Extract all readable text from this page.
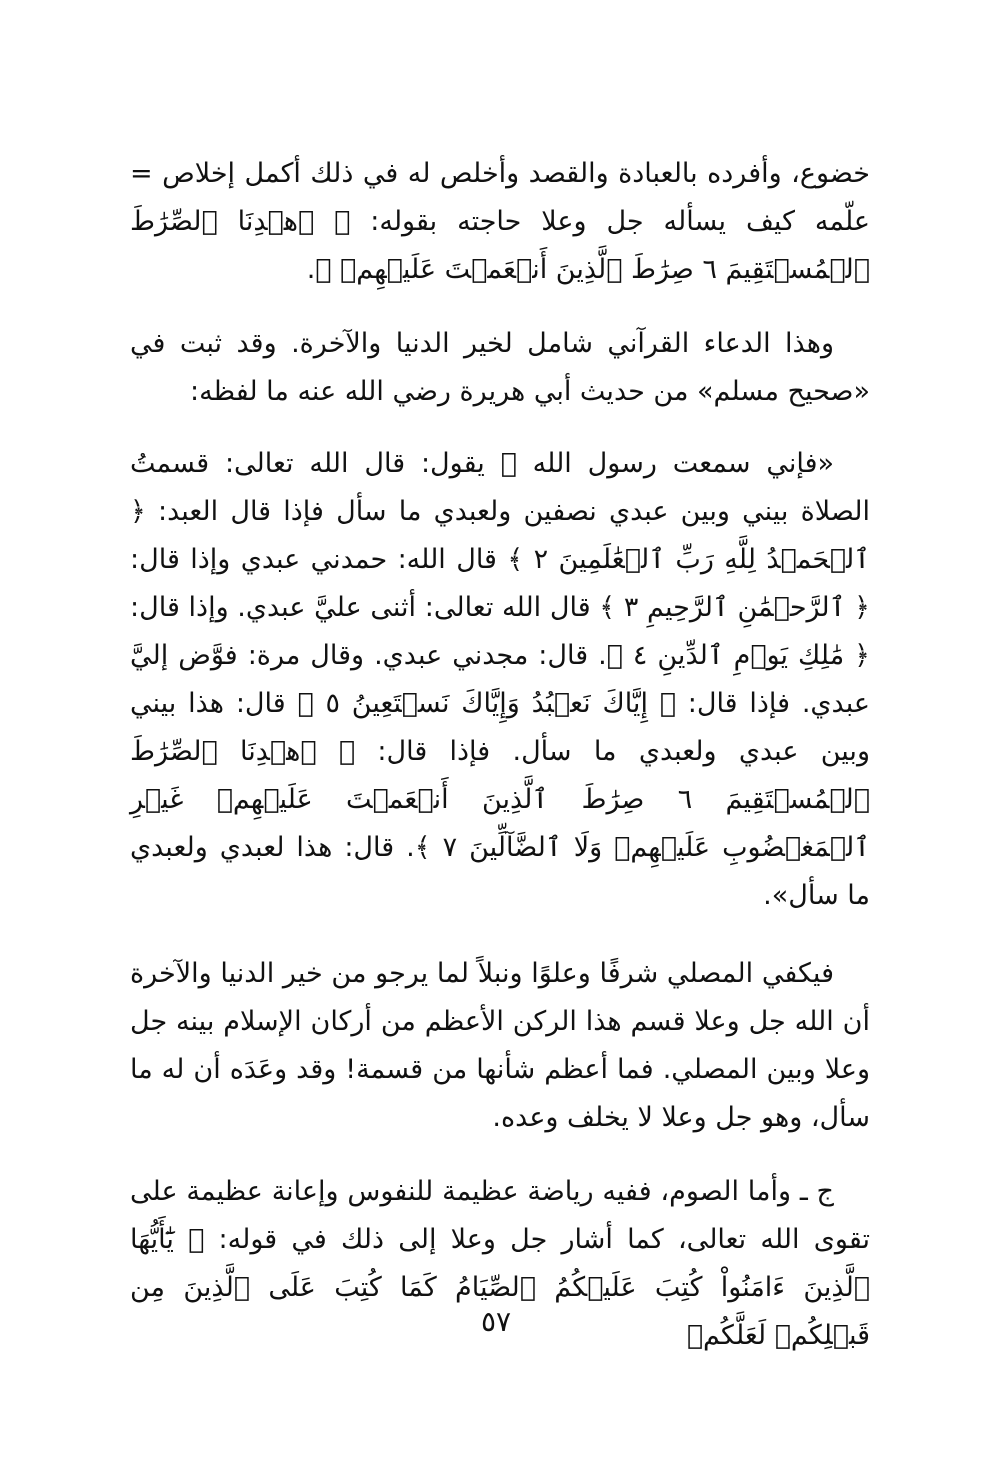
خضوع، وأفرده بالعبادة والقصد وأخلص له في ذلك أكمل إخلاص = علّمه كيف يسأله جل وعلا حاجته بقوله: ﴿ ٱهۡدِنَا ٱلصِّرَٰطَ ٱلۡمُسۡتَقِيمَ ٦ صِرَٰطَ ٱلَّذِينَ أَنۡعَمۡتَ عَلَيۡهِمۡ ﴾.

وهذا الدعاء القرآني شامل لخير الدنيا والآخرة. وقد ثبت في «صحيح مسلم» من حديث أبي هريرة رضي الله عنه ما لفظه:

«فإني سمعت رسول الله ﷺ يقول: قال الله تعالى: قسمتُ الصلاة بيني وبين عبدي نصفين ولعبدي ما سأل فإذا قال العبد: ﴿ ٱلۡحَمۡدُ لِلَّهِ رَبِّ ٱلۡعَٰلَمِينَ ٢ ﴾ قال الله: حمدني عبدي وإذا قال: ﴿ ٱلرَّحۡمَٰنِ ٱلرَّحِيمِ ٣ ﴾ قال الله تعالى: أثنى عليَّ عبدي. وإذا قال: ﴿ مَٰلِكِ يَوۡمِ ٱلدِّينِ ٤ ﴾. قال: مجدني عبدي. وقال مرة: فوَّض إليَّ عبدي. فإذا قال: ﴿ إِيَّاكَ نَعۡبُدُ وَإِيَّاكَ نَسۡتَعِينُ ٥ ﴾ قال: هذا بيني وبين عبدي ولعبدي ما سأل. فإذا قال: ﴿ ٱهۡدِنَا ٱلصِّرَٰطَ ٱلۡمُسۡتَقِيمَ ٦ صِرَٰطَ ٱلَّذِينَ أَنۡعَمۡتَ عَلَيۡهِمۡ غَيۡرِ ٱلۡمَغۡضُوبِ عَلَيۡهِمۡ وَلَا ٱلضَّآلِّينَ ٧ ﴾. قال: هذا لعبدي ولعبدي ما سأل».

فيكفي المصلي شرفًا وعلوًا ونبلاً لما يرجو من خير الدنيا والآخرة أن الله جل وعلا قسم هذا الركن الأعظم من أركان الإسلام بينه جل وعلا وبين المصلي. فما أعظم شأنها من قسمة! وقد وعَدَه أن له ما سأل، وهو جل وعلا لا يخلف وعده.

ج ـ وأما الصوم، ففيه رياضة عظيمة للنفوس وإعانة عظيمة على تقوى الله تعالى، كما أشار جل وعلا إلى ذلك في قوله: ﴿ يَٰٓأَيُّهَا ٱلَّذِينَ ءَامَنُواْ كُتِبَ عَلَيۡكُمُ ٱلصِّيَامُ كَمَا كُتِبَ عَلَى ٱلَّذِينَ مِن قَبۡلِكُمۡ لَعَلَّكُمۡ

٥٧
